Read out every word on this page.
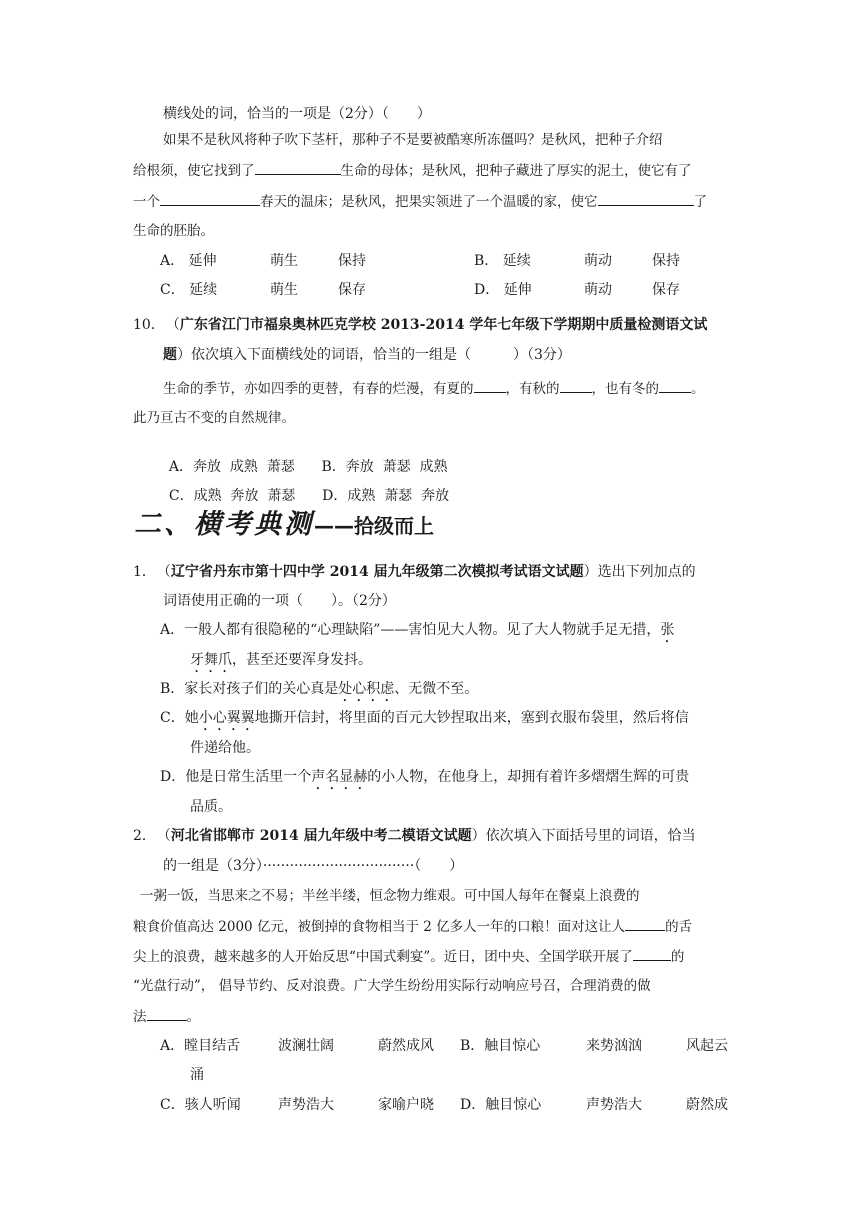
横线处的词，恰当的一项是（2分）（　　）
如果不是秋风将种子吹下茎杆，那种子不是要被酷寒所冻僵吗？是秋风，把种子介绍
给根须，使它找到了	生命的母体；是秋风，把种子藏进了厚实的泥土，使它有了
一个	春天的温床；是秋风，把果实领进了一个温暖的家，使它	了
生命的胚胎。
A． 延伸	萌生	保持	B． 延续	萌动	保持
C． 延续	萌生	保存	D． 延伸	萌动	保存
10． （广东省江门市福泉奥林匹克学校 2013-2014 学年七年级下学期期中质量检测语文试
题）依次填入下面横线处的词语，恰当的一组是（　　　）（3分）
生命的季节，亦如四季的更替，有春的烂漫，有夏的 ，有秋的 ，也有冬的 。
此乃亘古不变的自然规律。

A．奔放  成熟  萧瑟      B．奔放  萧瑟  成熟

C．成熟  奔放  萧瑟      D．成熟  萧瑟  奔放

二、横考典测——拾级而上
1． （辽宁省丹东市第十四中学 2014 届九年级第二次模拟考试语文试题）选出下列加点的
词语使用正确的一项（　　）。（2分）
A．一般人都有很隐秘的“心理缺陷”——害怕见大人物。见了大人物就手足无措，张
牙舞爪，甚至还要浑身发抖。
B．家长对孩子们的关心真是处心积虑、无微不至。
C．她小心翼翼地撕开信封，将里面的百元大钞捏取出来，塞到衣服布袋里，然后将信
件递给他。
D．他是日常生活里一个声名显赫的小人物，在他身上，却拥有着许多熠熠生辉的可贵
品质。
2． （河北省邯郸市 2014 届九年级中考二模语文试题）依次填入下面括号里的词语，恰当
的一组是（3分）··································（　　）
一粥一饭，当思来之不易；半丝半缕，恒念物力维艰。可中国人每年在餐桌上浪费的
粮食价值高达 2000 亿元，被倒掉的食物相当于 2 亿多人一年的口粮！面对这让人	的舌
尖上的浪费，越来越多的人开始反思“中国式剩宴”。近日，团中央、全国学联开展了	的
“光盘行动”， 倡导节约、反对浪费。广大学生纷纷用实际行动响应号召，合理消费的做
法	。
A．瞠目结舌	波澜壮阔	蔚然成风 B．触目惊心	来势汹汹	风起云
涌
C．骇人听闻	声势浩大	家喻户晓 D．触目惊心	声势浩大	蔚然成
